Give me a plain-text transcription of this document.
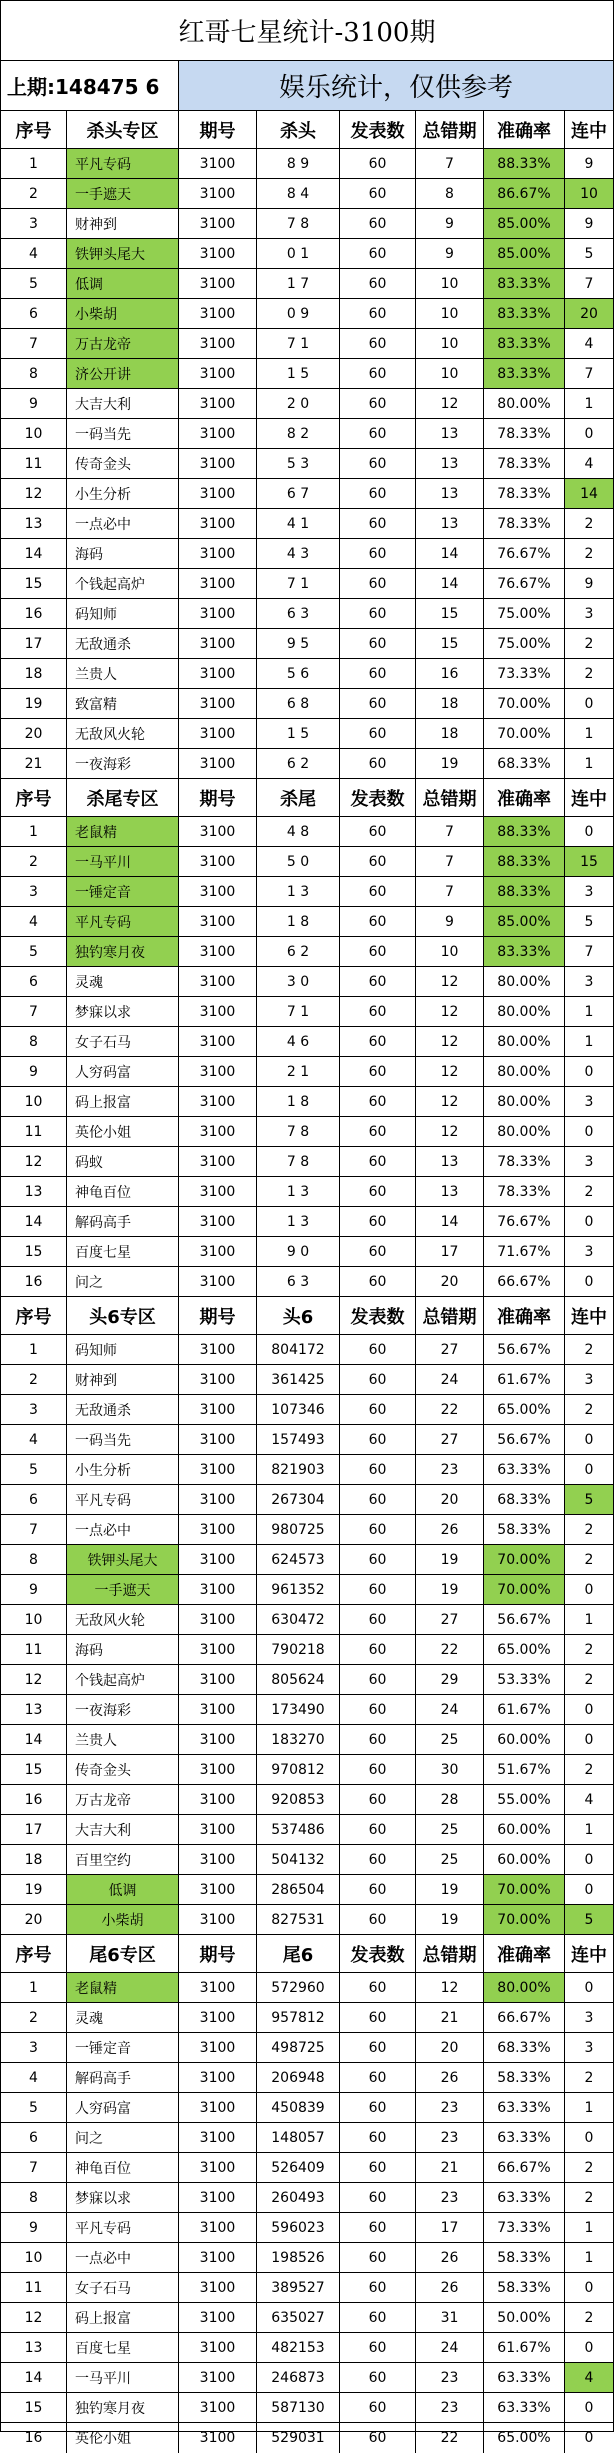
红哥七星统计-3100期
上期:148475 6	娱乐统计，仅供参考
序号	杀头专区	期号	杀头	发表数	总错期	准确率	连中
1	平凡专码	3100	8 9	60	7	88.33%	9
2	一手遮天	3100	8 4	60	8	86.67%	10
3	财神到	3100	7 8	60	9	85.00%	9
4	铁钾头尾大	3100	0 1	60	9	85.00%	5
5	低调	3100	1 7	60	10	83.33%	7
6	小柴胡	3100	0 9	60	10	83.33%	20
7	万古龙帝	3100	7 1	60	10	83.33%	4
8	济公开讲	3100	1 5	60	10	83.33%	7
9	大吉大利	3100	2 0	60	12	80.00%	1
10	一码当先	3100	8 2	60	13	78.33%	0
11	传奇金头	3100	5 3	60	13	78.33%	4
12	小生分析	3100	6 7	60	13	78.33%	14
13	一点必中	3100	4 1	60	13	78.33%	2
14	海码	3100	4 3	60	14	76.67%	2
15	个钱起高炉	3100	7 1	60	14	76.67%	9
16	码知师	3100	6 3	60	15	75.00%	3
17	无敌通杀	3100	9 5	60	15	75.00%	2
18	兰贵人	3100	5 6	60	16	73.33%	2
19	致富精	3100	6 8	60	18	70.00%	0
20	无敌风火轮	3100	1 5	60	18	70.00%	1
21	一夜海彩	3100	6 2	60	19	68.33%	1
序号	杀尾专区	期号	杀尾	发表数	总错期	准确率	连中
1	老鼠精	3100	4 8	60	7	88.33%	0
2	一马平川	3100	5 0	60	7	88.33%	15
3	一锤定音	3100	1 3	60	7	88.33%	3
4	平凡专码	3100	1 8	60	9	85.00%	5
5	独钓寒月夜	3100	6 2	60	10	83.33%	7
6	灵魂	3100	3 0	60	12	80.00%	3
7	梦寐以求	3100	7 1	60	12	80.00%	1
8	女子石马	3100	4 6	60	12	80.00%	1
9	人穷码富	3100	2 1	60	12	80.00%	0
10	码上报富	3100	1 8	60	12	80.00%	3
11	英伦小姐	3100	7 8	60	12	80.00%	0
12	码蚁	3100	7 8	60	13	78.33%	3
13	神龟百位	3100	1 3	60	13	78.33%	2
14	解码高手	3100	1 3	60	14	76.67%	0
15	百度七星	3100	9 0	60	17	71.67%	3
16	问之	3100	6 3	60	20	66.67%	0
序号	头6专区	期号	头6	发表数	总错期	准确率	连中
1	码知师	3100	804172	60	27	56.67%	2
2	财神到	3100	361425	60	24	61.67%	3
3	无敌通杀	3100	107346	60	22	65.00%	2
4	一码当先	3100	157493	60	27	56.67%	0
5	小生分析	3100	821903	60	23	63.33%	0
6	平凡专码	3100	267304	60	20	68.33%	5
7	一点必中	3100	980725	60	26	58.33%	2
8	铁钾头尾大	3100	624573	60	19	70.00%	2
9	一手遮天	3100	961352	60	19	70.00%	0
10	无敌风火轮	3100	630472	60	27	56.67%	1
11	海码	3100	790218	60	22	65.00%	2
12	个钱起高炉	3100	805624	60	29	53.33%	2
13	一夜海彩	3100	173490	60	24	61.67%	0
14	兰贵人	3100	183270	60	25	60.00%	0
15	传奇金头	3100	970812	60	30	51.67%	2
16	万古龙帝	3100	920853	60	28	55.00%	4
17	大吉大利	3100	537486	60	25	60.00%	1
18	百里空约	3100	504132	60	25	60.00%	0
19	低调	3100	286504	60	19	70.00%	0
20	小柴胡	3100	827531	60	19	70.00%	5
序号	尾6专区	期号	尾6	发表数	总错期	准确率	连中
1	老鼠精	3100	572960	60	12	80.00%	0
2	灵魂	3100	957812	60	21	66.67%	3
3	一锤定音	3100	498725	60	20	68.33%	3
4	解码高手	3100	206948	60	26	58.33%	2
5	人穷码富	3100	450839	60	23	63.33%	1
6	问之	3100	148057	60	23	63.33%	0
7	神龟百位	3100	526409	60	21	66.67%	2
8	梦寐以求	3100	260493	60	23	63.33%	2
9	平凡专码	3100	596023	60	17	73.33%	1
10	一点必中	3100	198526	60	26	58.33%	1
11	女子石马	3100	389527	60	26	58.33%	0
12	码上报富	3100	635027	60	31	50.00%	2
13	百度七星	3100	482153	60	24	61.67%	0
14	一马平川	3100	246873	60	23	63.33%	4
15	独钓寒月夜	3100	587130	60	23	63.33%	0
16	英伦小姐	3100	529031	60	22	65.00%	0
